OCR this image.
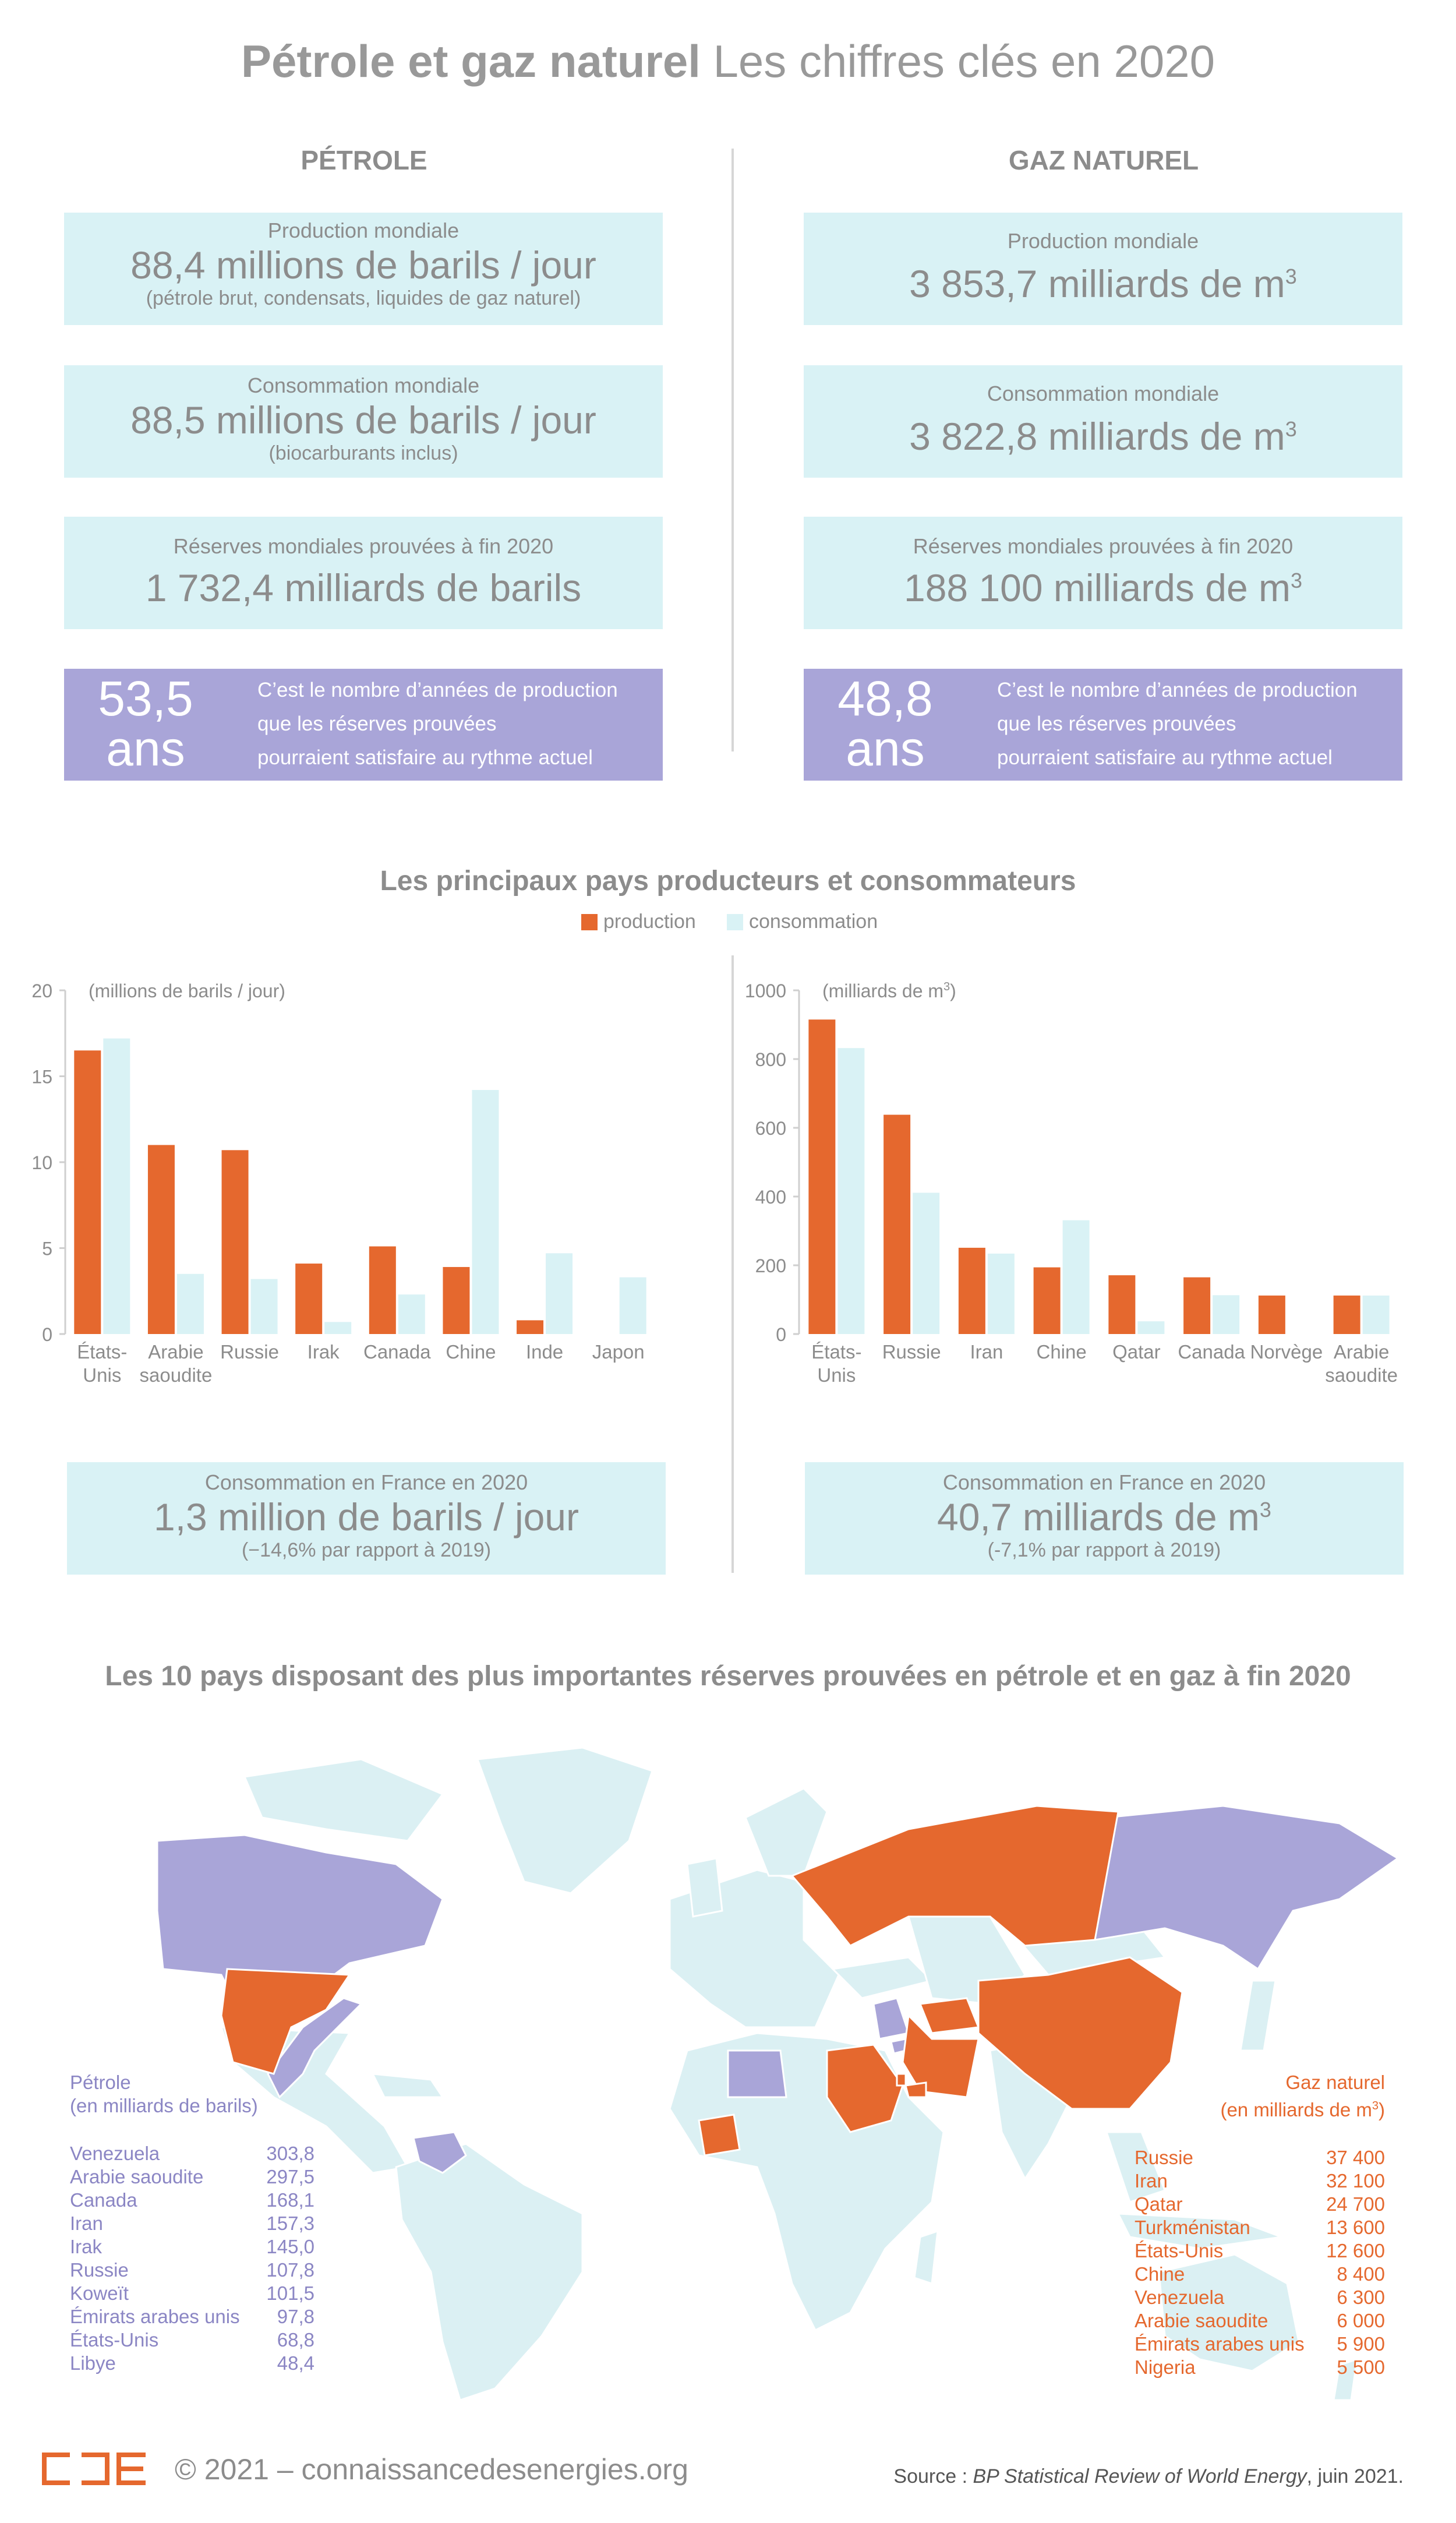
Pétrole et gaz naturel Les chiffres clés en 2020
PÉTROLE	GAZ NATUREL
Production mondiale
88,4 millions de barils / jour
(pétrole brut, condensats, liquides de gaz naturel)
Consommation mondiale
88,5 millions de barils / jour
(biocarburants inclus)
Réserves mondiales prouvées à fin 2020
1 732,4 milliards de barils
53,5
ans
C’est le nombre d’années de production
que les réserves prouvées
pourraient satisfaire au rythme actuel
Production mondiale
3 853,7 milliards de $m^3$
Consommation mondiale
3 822,8 milliards de $m^3$
Réserves mondiales prouvées à fin 2020
188 100 milliards de $m^3$
48,8
ans
C’est le nombre d’années de production
que les réserves prouvées
pourraient satisfaire au rythme actuel
Les principaux pays producteurs et consommateurs
production	consommation
0
5
10
15
20 (millions de barils / jour)
États-
Unis
Arabie
saoudite
Russie Irak Canada Chine Inde Japon
0
200
400
600
800
1000 (milliards de $m^3$)
États-
Unis
Russie Iran Chine Qatar Canada Norvège Arabie
saoudite
Consommation en France en 2020
1,3 million de barils / jour
(−14,6% par rapport à 2019)
Consommation en France en 2020
40,7 milliards de $m^3$
(-7,1% par rapport à 2019)
Les 10 pays disposant des plus importantes réserves prouvées en pétrole et en gaz à fin 2020
Pétrole
(en milliards de barils)
Venezuela	303,8
Arabie saoudite	297,5
Canada	168,1
Iran	157,3
Irak	145,0
Russie	107,8
Koweït	101,5
Émirats arabes unis 97,8
États-Unis	68,8
Libye	48,4
Gaz naturel
(en milliards de $m^3$)
Russie	37 400
Iran	32 100
Qatar	24 700
Turkménistan	13 600
États-Unis	12 600
Chine	8 400
Venezuela	6 300
Arabie saoudite	6 000
Émirats arabes unis 5 900
Nigeria	5 500
© 2021 – connaissancedesenergies.org	Source : BP Statistical Review of World Energy, juin 2021.
